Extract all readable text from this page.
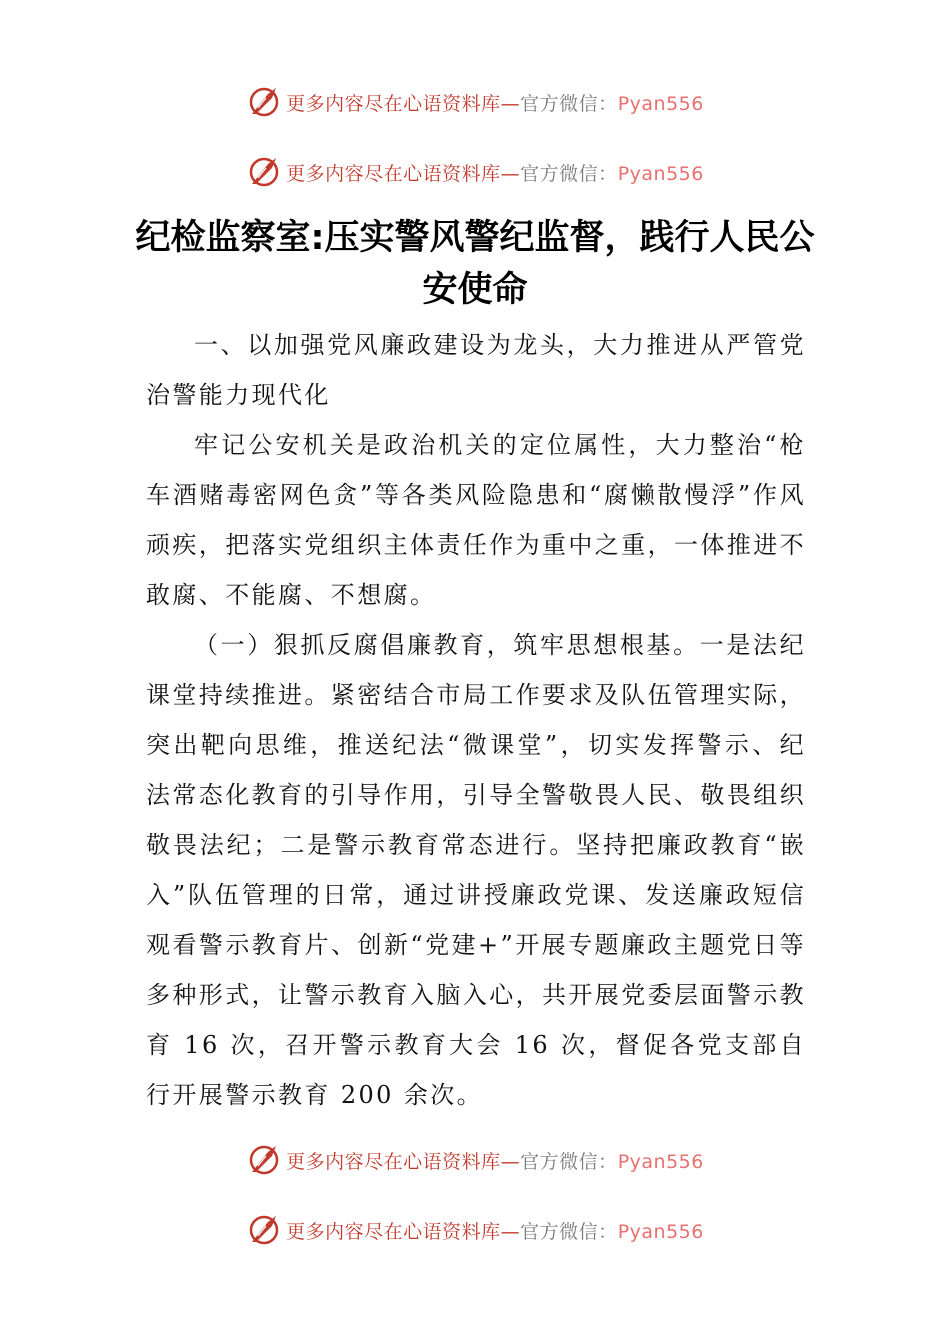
更多内容尽在心语资料库—官方微信：Pyan556
更多内容尽在心语资料库—官方微信：Pyan556
纪检监察室:压实警风警纪监督，践行人民公安使命

一、以加强党风廉政建设为龙头，大力推进从严管党治警能力现代化

牢记公安机关是政治机关的定位属性，大力整治“枪车酒赌毒密网色贪”等各类风险隐患和“腐懒散慢浮”作风顽疾，把落实党组织主体责任作为重中之重，一体推进不敢腐、不能腐、不想腐。

（一）狠抓反腐倡廉教育，筑牢思想根基。一是法纪课堂持续推进。紧密结合市局工作要求及队伍管理实际，突出靶向思维，推送纪法“微课堂”，切实发挥警示、纪法常态化教育的引导作用，引导全警敬畏人民、敬畏组织敬畏法纪；二是警示教育常态进行。坚持把廉政教育“嵌入”队伍管理的日常，通过讲授廉政党课、发送廉政短信观看警示教育片、创新“党建+”开展专题廉政主题党日等多种形式，让警示教育入脑入心，共开展党委层面警示教育 16 次，召开警示教育大会 16 次，督促各党支部自行开展警示教育 200 余次。

更多内容尽在心语资料库—官方微信：Pyan556
更多内容尽在心语资料库—官方微信：Pyan556
